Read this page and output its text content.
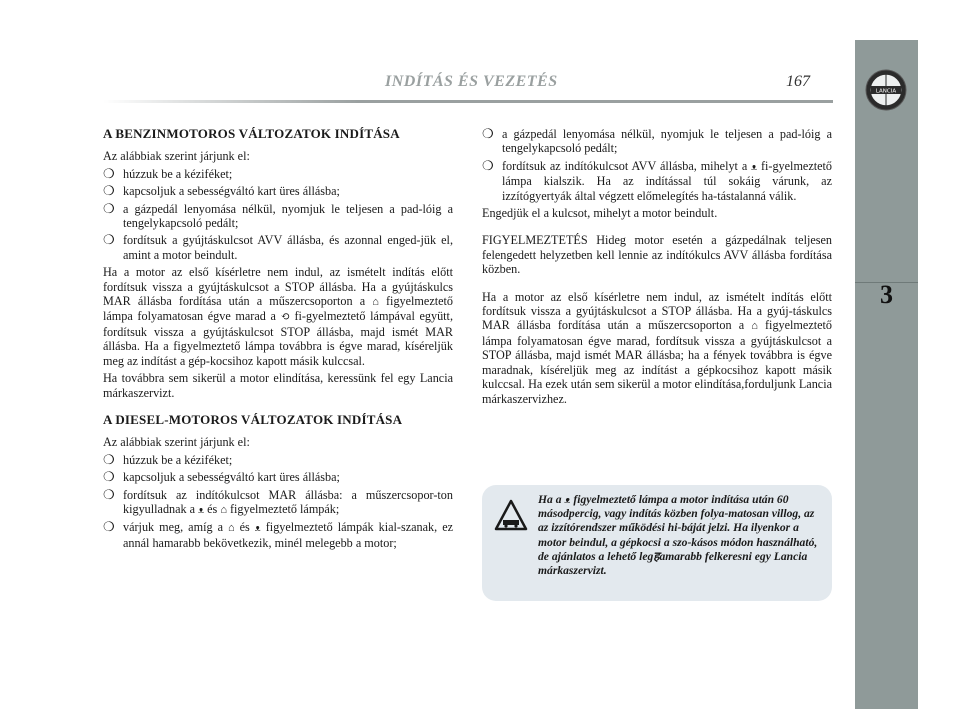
3
LANCIA
INDÍTÁS ÉS VEZETÉS	167
A BENZINMOTOROS VÁLTOZATOK INDÍTÁSA

Az alábbiak szerint járjunk el:

❍ húzzuk be a kéziféket;
❍ kapcsoljuk a sebességváltó kart üres állásba;
❍ a gázpedál lenyomása nélkül, nyomjuk le teljesen a pad-lóig a tengelykapcsoló pedált;
❍ fordítsuk a gyújtáskulcsot AVV állásba, és azonnal enged-jük el, amint a motor beindult.

Ha a motor az első kísérletre nem indul, az ismételt indítás előtt fordítsuk vissza a gyújtáskulcsot a STOP állásba. Ha a gyújtáskulcs MAR állásba fordítása után a műszercsoporton a ⌂ figyelmeztető lámpa folyamatosan égve marad a ⟲ fi-gyelmeztető lámpával együtt, fordítsuk vissza a gyújtáskulcsot STOP állásba, majd ismét MAR állásba. Ha a figyelmeztető lámpa továbbra is égve marad, kíséreljük meg az indítást a gép-kocsihoz kapott másik kulccsal.

Ha továbbra sem sikerül a motor elindítása, keressünk fel egy Lancia márkaszervizt.

A DIESEL-MOTOROS VÁLTOZATOK INDÍTÁSA

Az alábbiak szerint járjunk el:

❍ húzzuk be a kéziféket;
❍ kapcsoljuk a sebességváltó kart üres állásba;
❍ fordítsuk az indítókulcsot MAR állásba: a műszercsopor-ton kigyulladnak a ᴥ és ⌂ figyelmeztető lámpák;
❍ várjuk meg, amíg a ⌂ és ᴥ figyelmeztető lámpák kial-szanak, ez annál hamarabb bekövetkezik, minél melegebb a motor;
❍ a gázpedál lenyomása nélkül, nyomjuk le teljesen a pad-lóig a tengelykapcsoló pedált;
❍ fordítsuk az indítókulcsot AVV állásba, mihelyt a ᴥ fi-gyelmeztető lámpa kialszik. Ha az indítással túl sokáig várunk, az izzítógyertyák által végzett előmelegítés ha-tástalanná válik.

Engedjük el a kulcsot, mihelyt a motor beindult.

FIGYELMEZTETÉS Hideg motor esetén a gázpedálnak teljesen felengedett helyzetben kell lennie az indítókulcs AVV állásba fordítása közben.

Ha a motor az első kísérletre nem indul, az ismételt indítás előtt fordítsuk vissza a gyújtáskulcsot a STOP állásba. Ha a gyúj-táskulcs MAR állásba fordítása után a műszercsoporton a ⌂ figyelmeztető lámpa folyamatosan égve marad, fordítsuk vissza a gyújtáskulcsot a STOP állásba, majd ismét MAR állásba; ha a fények továbbra is égve maradnak, kíséreljük meg az indítást a gépkocsihoz kapott másik kulccsal. Ha ezek után sem sikerül a motor elindítása,forduljunk Lancia márkaszervizhez.

Ha a ᴥ figyelmeztető lámpa a motor indítása után 60 másodpercig, vagy indítás közben folya-matosan villog, az az izzítórendszer működési hi-báját jelzi. Ha ilyenkor a motor beindul, a gépkocsi a szo-kásos módon használható, de ajánlatos a lehető legहamarabb felkeresni egy Lancia márkaszervizt.
